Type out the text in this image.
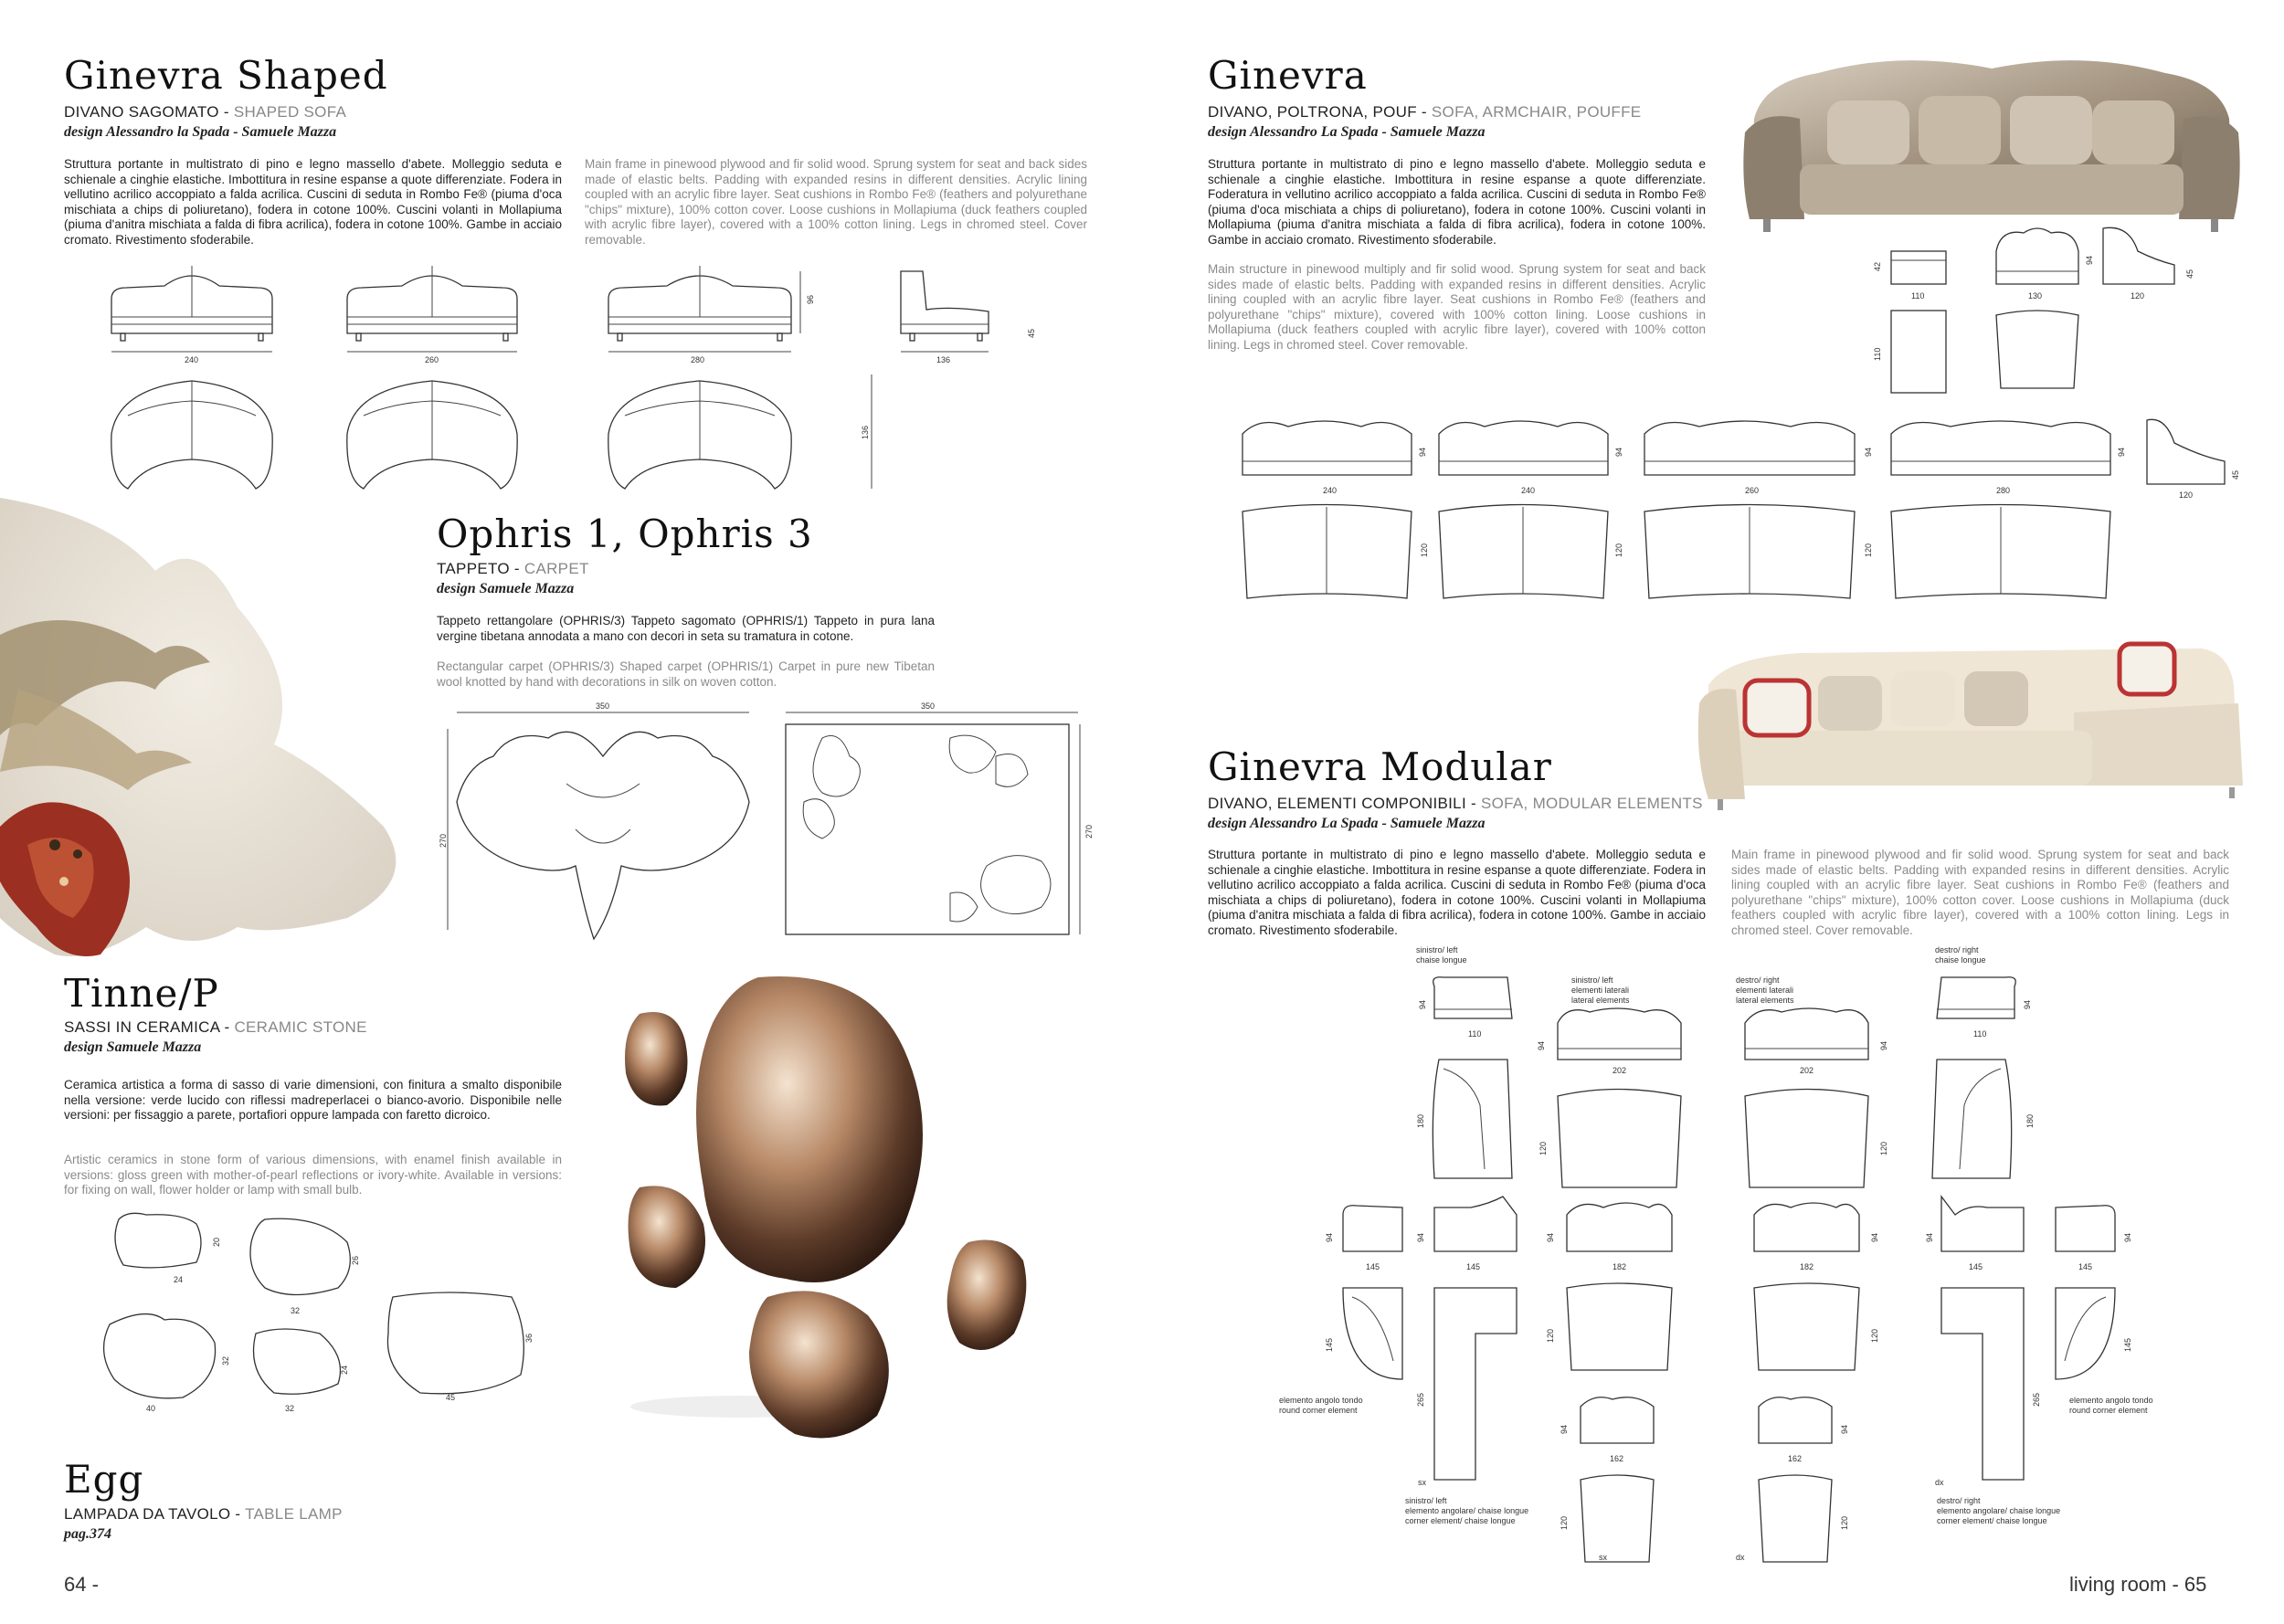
Ginevra Shaped
DIVANO SAGOMATO - SHAPED SOFA
design Alessandro la Spada - Samuele Mazza
Struttura portante in multistrato di pino e legno massello d'abete. Molleggio seduta e schienale a cinghie elastiche. Imbottitura in resine espanse a quote differenziate. Fodera in vellutino acrilico accoppiato a falda acrilica. Cuscini di seduta in Rombo Fe® (piuma d'oca mischiata a chips di poliuretano), fodera in cotone 100%. Cuscini volanti in Mollapiuma (piuma d'anitra mischiata a falda di fibra acrilica), fodera in cotone 100%. Gambe in acciaio cromato. Rivestimento sfoderabile.
Main frame in pinewood plywood and fir solid wood. Sprung system for seat and back sides made of elastic belts. Padding with expanded resins in different densities. Acrylic lining coupled with an acrylic fibre layer. Seat cushions in Rombo Fe® (feathers and polyurethane "chips" mixture), 100% cotton cover. Loose cushions in Mollapiuma (duck feathers coupled with acrylic fibre layer), covered with a 100% cotton lining. Legs in chromed steel. Cover removable.
240	260	280
96
136
45
136
Ophris 1, Ophris 3
TAPPETO - CARPET
design Samuele Mazza
Tappeto rettangolare (OPHRIS/3) Tappeto sagomato (OPHRIS/1) Tappeto in pura lana vergine tibetana annodata a mano con decori in seta su tramatura in cotone.
Rectangular carpet (OPHRIS/3) Shaped carpet (OPHRIS/1) Carpet in pure new Tibetan wool knotted by hand with decorations in silk on woven cotton.
350
270
350
270
Tinne/P
SASSI IN CERAMICA - CERAMIC STONE
design Samuele Mazza
Ceramica artistica a forma di sasso di varie dimensioni, con finitura a smalto disponibile nella versione: verde lucido con riflessi madreperlacei o bianco-avorio. Disponibile nelle versioni: per fissaggio a parete, portafiori oppure lampada con faretto dicroico.
Artistic ceramics in stone form of various dimensions, with enamel finish available in versions: gloss green with mother-of-pearl reflections or ivory-white. Available in versions: for fixing on wall, flower holder or lamp with small bulb.
24
20
32
26
40
32
32
24
45
36
Egg
LAMPADA DA TAVOLO - TABLE LAMP
pag.374
64 -
Ginevra
DIVANO, POLTRONA, POUF - SOFA, ARMCHAIR, POUFFE
design Alessandro La Spada - Samuele Mazza
Struttura portante in multistrato di pino e legno massello d'abete. Molleggio seduta e schienale a cinghie elastiche. Imbottitura in resine espanse a quote differenziate. Foderatura in vellutino acrilico accoppiato a falda acrilica. Cuscini di seduta in Rombo Fe® (piuma d'oca mischiata a chips di poliuretano), fodera in cotone 100%. Cuscini volanti in Mollapiuma (piuma d'anitra mischiata a falda di fibra acrilica), fodera in cotone 100%. Gambe in acciaio cromato. Rivestimento sfoderabile.
Main structure in pinewood multiply and fir solid wood. Sprung system for seat and back sides made of elastic belts. Padding with expanded resins in different densities. Acrylic lining coupled with an acrylic fibre layer. Seat cushions in Rombo Fe® (feathers and polyurethane "chips" mixture), covered with 100% cotton lining. Loose cushions in Mollapiuma (duck feathers coupled with acrylic fibre layer), covered with 100% cotton lining. Legs in chromed steel. Cover removable.
42
110
110
94
130	120
45
240
94
240
94
260
94
280
94
120
45
120	120	120
Ginevra Modular
DIVANO, ELEMENTI COMPONIBILI - SOFA, MODULAR ELEMENTS
design Alessandro La Spada - Samuele Mazza
Struttura portante in multistrato di pino e legno massello d'abete. Molleggio seduta e schienale a cinghie elastiche. Imbottitura in resine espanse a quote differenziate. Fodera in vellutino acrilico accoppiato a falda acrilica. Cuscini di seduta in Rombo Fe® (piuma d'oca mischiata a chips di poliuretano), fodera in cotone 100%. Cuscini volanti in Mollapiuma (piuma d'anitra mischiata a falda di fibra acrilica), fodera in cotone 100%. Gambe in acciaio cromato. Rivestimento sfoderabile.
Main frame in pinewood plywood and fir solid wood. Sprung system for seat and back sides made of elastic belts. Padding with expanded resins in different densities. Acrylic lining coupled with an acrylic fibre layer. Seat cushions in Rombo Fe® (feathers and polyurethane "chips" mixture), 100% cotton cover. Loose cushions in Mollapiuma (duck feathers coupled with acrylic fibre layer), covered with a 100% cotton lining. Legs in chromed steel. Cover removable.
sinistro/ left
chaise longue
destro/ right
chaise longue
sinistro/ left
elementi laterali
lateral elements
destro/ right
elementi laterali
lateral elements
elemento angolo tondo
round corner element
elemento angolo tondo
round corner element
sinistro/ left
elemento angolare/ chaise longue
corner element/ chaise longue
destro/ right
elemento angolare/ chaise longue
corner element/ chaise longue
sx	dx
sx	dx
94
110
180
202
94
120
202
94
120
110
94
180
94
145
94
145
145
265
94
182
120
182
94
120
145
94
265
145
94
145
94
162
120
162
94
120
living room - 65
